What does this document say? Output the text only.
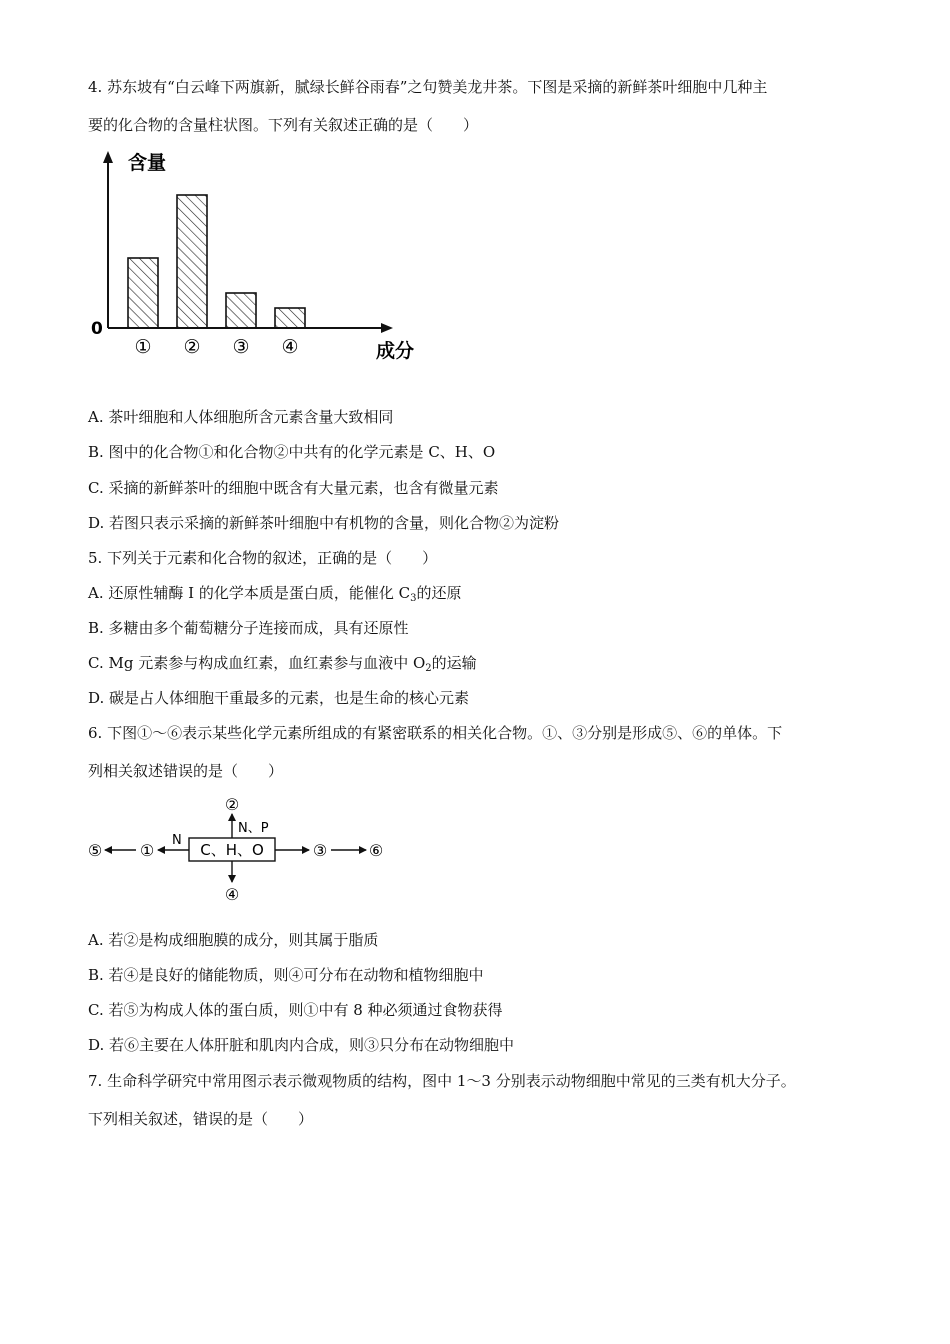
4. 苏东坡有“白云峰下两旗新，腻绿长鲜谷雨春”之句赞美龙井茶。下图是采摘的新鲜茶叶细胞中几种主
要的化合物的含量柱状图。下列有关叙述正确的是（　　）
含量
0
成分
① ② ③ ④
A. 茶叶细胞和人体细胞所含元素含量大致相同
B. 图中的化合物①和化合物②中共有的化学元素是 C、H、O
C. 采摘的新鲜茶叶的细胞中既含有大量元素，也含有微量元素
D. 若图只表示采摘的新鲜茶叶细胞中有机物的含量，则化合物②为淀粉
5. 下列关于元素和化合物的叙述，正确的是（　　）
A. 还原性辅酶 I 的化学本质是蛋白质，能催化 $C_3$的还原
B. 多糖由多个葡萄糖分子连接而成，具有还原性
C. Mg 元素参与构成血红素，血红素参与血液中 $O_2$的运输
D. 碳是占人体细胞干重最多的元素，也是生命的核心元素
6. 下图①～⑥表示某些化学元素所组成的有紧密联系的相关化合物。①、③分别是形成⑤、⑥的单体。下
列相关叙述错误的是（　　）
C、H、O
②
N、P
④
N
①
⑤	③	⑥
A. 若②是构成细胞膜的成分，则其属于脂质
B. 若④是良好的储能物质，则④可分布在动物和植物细胞中
C. 若⑤为构成人体的蛋白质，则①中有 8 种必须通过食物获得
D. 若⑥主要在人体肝脏和肌肉内合成，则③只分布在动物细胞中
7. 生命科学研究中常用图示表示微观物质的结构，图中 1～3 分别表示动物细胞中常见的三类有机大分子。
下列相关叙述，错误的是（　　）
